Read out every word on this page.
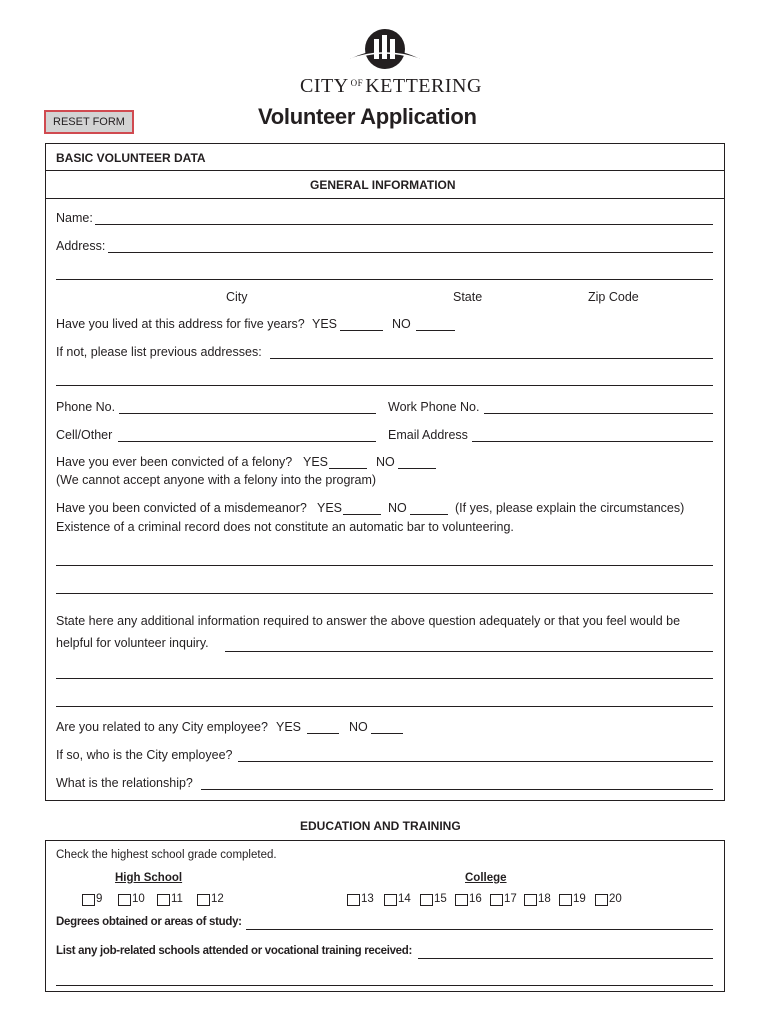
CITY $^{OF}$ KETTERING
RESET FORM	Volunteer Application
BASIC VOLUNTEER DATA
GENERAL INFORMATION
Name:
Address:
City	State	Zip Code
Have you lived at this address for five years? YES	NO
If not, please list previous addresses:
Phone No.	Work Phone No.
Cell/Other	Email Address
Have you ever been convicted of a felony? YES	NO
(We cannot accept anyone with a felony into the program)
Have you been convicted of a misdemeanor? YES	NO	(If yes, please explain the circumstances)
Existence of a criminal record does not constitute an automatic bar to volunteering.
State here any additional information required to answer the above question adequately or that you feel would be
helpful for volunteer inquiry.
Are you related to any City employee? YES	NO
If so, who is the City employee?
What is the relationship?
EDUCATION AND TRAINING
Check the highest school grade completed.
High School	College
9	10 11 12	13 14 15 16 17 18 19 20
Degrees obtained or areas of study:
List any job-related schools attended or vocational training received:
